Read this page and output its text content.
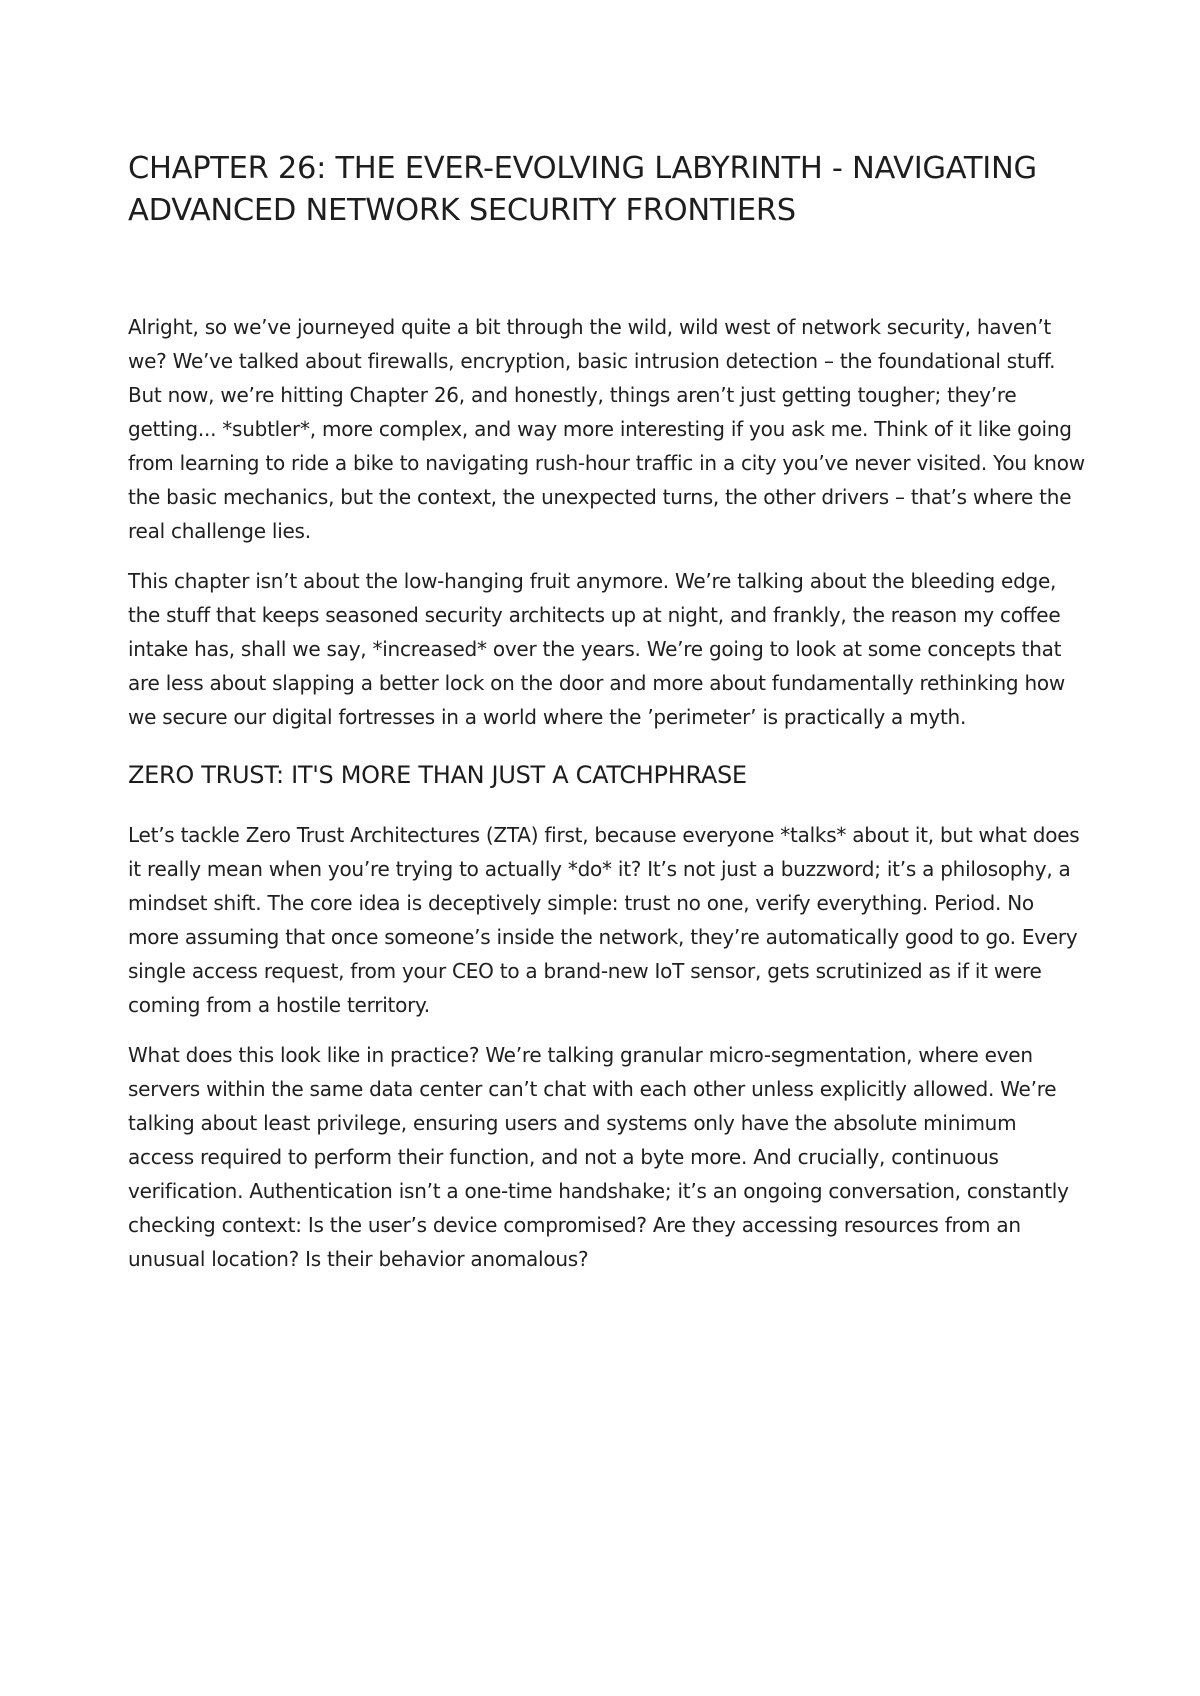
CHAPTER 26: THE EVER-EVOLVING LABYRINTH - NAVIGATING ADVANCED NETWORK SECURITY FRONTIERS

Alright, so we’ve journeyed quite a bit through the wild, wild west of network security, haven’t we? We’ve talked about firewalls, encryption, basic intrusion detection – the foundational stuff. But now, we’re hitting Chapter 26, and honestly, things aren’t just getting tougher; they’re getting... *subtler*, more complex, and way more interesting if you ask me. Think of it like going from learning to ride a bike to navigating rush-hour traffic in a city you’ve never visited. You know the basic mechanics, but the context, the unexpected turns, the other drivers – that’s where the real challenge lies.

This chapter isn’t about the low-hanging fruit anymore. We’re talking about the bleeding edge, the stuff that keeps seasoned security architects up at night, and frankly, the reason my coffee intake has, shall we say, *increased* over the years. We’re going to look at some concepts that are less about slapping a better lock on the door and more about fundamentally rethinking how we secure our digital fortresses in a world where the ’perimeter’ is practically a myth.

ZERO TRUST: IT'S MORE THAN JUST A CATCHPHRASE

Let’s tackle Zero Trust Architectures (ZTA) first, because everyone *talks* about it, but what does it really mean when you’re trying to actually *do* it? It’s not just a buzzword; it’s a philosophy, a mindset shift. The core idea is deceptively simple: trust no one, verify everything. Period. No more assuming that once someone’s inside the network, they’re automatically good to go. Every single access request, from your CEO to a brand-new IoT sensor, gets scrutinized as if it were coming from a hostile territory.

What does this look like in practice? We’re talking granular micro-segmentation, where even servers within the same data center can’t chat with each other unless explicitly allowed. We’re talking about least privilege, ensuring users and systems only have the absolute minimum access required to perform their function, and not a byte more. And crucially, continuous verification. Authentication isn’t a one-time handshake; it’s an ongoing conversation, constantly checking context: Is the user’s device compromised? Are they accessing resources from an unusual location? Is their behavior anomalous?
